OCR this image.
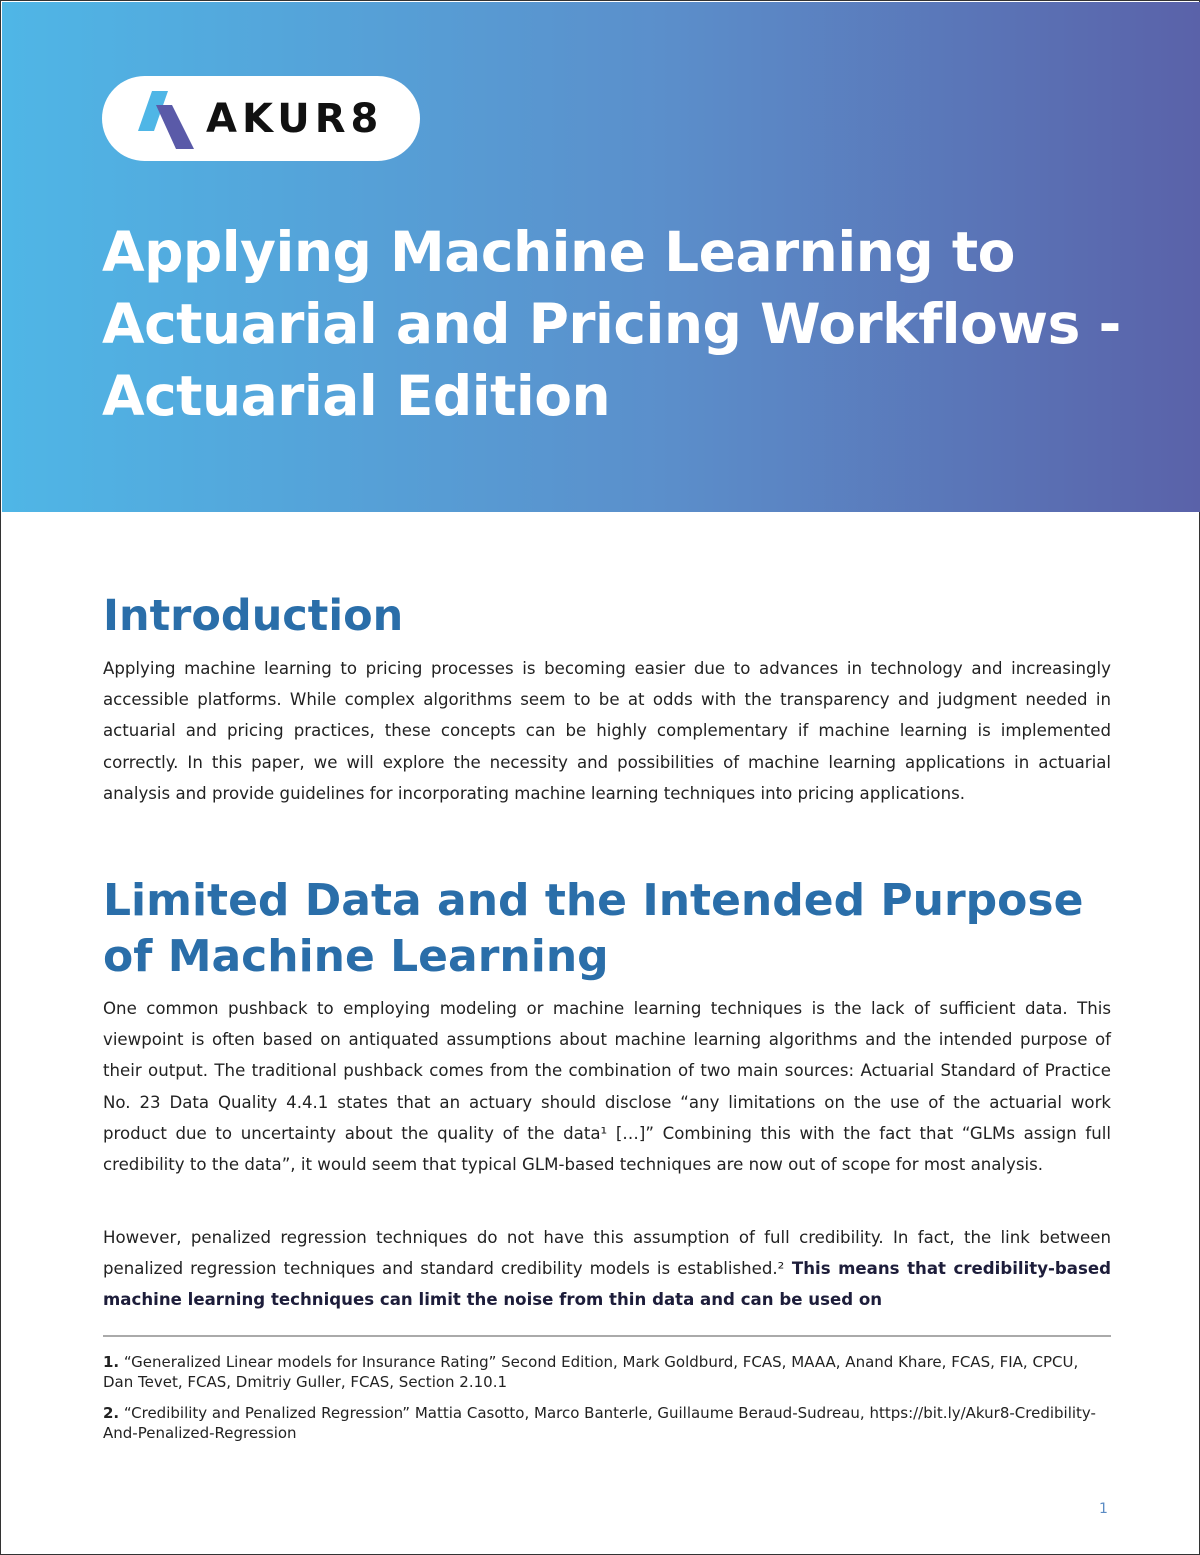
AKUR8
Applying Machine Learning to Actuarial and Pricing Workflows - Actuarial Edition
Introduction

Applying machine learning to pricing processes is becoming easier due to advances in technology and increasingly accessible platforms. While complex algorithms seem to be at odds with the transparency and judgment needed in actuarial and pricing practices, these concepts can be highly complementary if machine learning is implemented correctly. In this paper, we will explore the necessity and possibilities of machine learning applications in actuarial analysis and provide guidelines for incorporating machine learning techniques into pricing applications.

Limited Data and the Intended Purpose of Machine Learning

One common pushback to employing modeling or machine learning techniques is the lack of sufficient data. This viewpoint is often based on antiquated assumptions about machine learning algorithms and the intended purpose of their output. The traditional pushback comes from the combination of two main sources: Actuarial Standard of Practice No. 23 Data Quality 4.4.1 states that an actuary should disclose “any limitations on the use of the actuarial work product due to uncertainty about the quality of the data¹ […]” Combining this with the fact that “GLMs assign full credibility to the data”, it would seem that typical GLM-based techniques are now out of scope for most analysis.

However, penalized regression techniques do not have this assumption of full credibility. In fact, the link between penalized regression techniques and standard credibility models is established.² This means that credibility-based machine learning techniques can limit the noise from thin data and can be used on

1. “Generalized Linear models for Insurance Rating” Second Edition, Mark Goldburd, FCAS, MAAA, Anand Khare, FCAS, FIA, CPCU, Dan Tevet, FCAS, Dmitriy Guller, FCAS, Section 2.10.1

2. “Credibility and Penalized Regression” Mattia Casotto, Marco Banterle, Guillaume Beraud-Sudreau, https://bit.ly/Akur8-Credibility-And-Penalized-Regression

1
